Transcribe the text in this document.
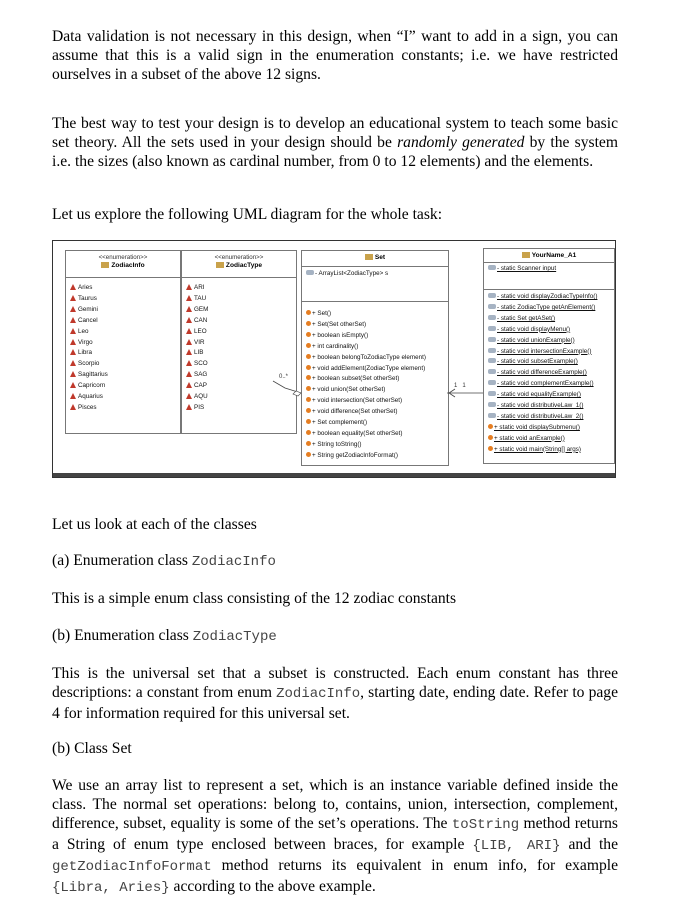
Data validation is not necessary in this design, when “I” want to add in a sign, you can assume that this is a valid sign in the enumeration constants; i.e. we have restricted ourselves in a subset of the above 12 signs.

The best way to test your design is to develop an educational system to teach some basic set theory. All the sets used in your design should be randomly generated by the system i.e. the sizes (also known as cardinal number, from 0 to 12 elements) and the elements.

Let us explore the following UML diagram for the whole task:

<<enumeration>>
ZodiacInfo
Aries
Taurus
Gemini
Cancel
Leo
Virgo
Libra
Scorpio
Sagittarius
Capricorn
Aquarius
Pisces
<<enumeration>>
ZodiacType
ARI
TAU
GEM
CAN
LEO
VIR
LIB
SCO
SAG
CAP
AQU
PIS
Set
- ArrayList<ZodiacType> s
+ Set()
+ Set(Set otherSet)
+ boolean isEmpty()
+ int cardinality()
+ boolean belongToZodiacType element)
+ void addElement(ZodiacType element)
+ boolean subset(Set otherSet)
+ void union(Set otherSet)
+ void intersection(Set otherSet)
+ void difference(Set otherSet)
+ Set complement()
+ boolean equality(Set otherSet)
+ String toString()
+ String getZodiacInfoFormat()
YourName_A1
- static Scanner input
- static void displayZodiacTypeInfo()
- static ZodiacType getAnElement()
- static Set getASet()
- static void displayMenu()
- static void unionExample()
- static void intersectionExample()
- static void subsetExample()
- static void differenceExample()
- static void complementExample()
- static void equalityExample()
- static void distributiveLaw_1()
- static void distributiveLaw_2()
+ static void displaySubmenu()
+ static void anExample()
+ static void main(String[] args)
0..*
1   1

Let us look at each of the classes

(a) Enumeration class ZodiacInfo

This is a simple enum class consisting of the 12 zodiac constants

(b) Enumeration class ZodiacType

This is the universal set that a subset is constructed. Each enum constant has three descriptions: a constant from enum ZodiacInfo, starting date, ending date. Refer to page 4 for information required for this universal set.

(b) Class Set

We use an array list to represent a set, which is an instance variable defined inside the class. The normal set operations: belong to, contains, union, intersection, complement, difference, subset, equality is some of the set’s operations. The toString method returns a String of enum type enclosed between braces, for example {LIB, ARI} and the getZodiacInfoFormat method returns its equivalent in enum info, for example {Libra, Aries} according to the above example.
